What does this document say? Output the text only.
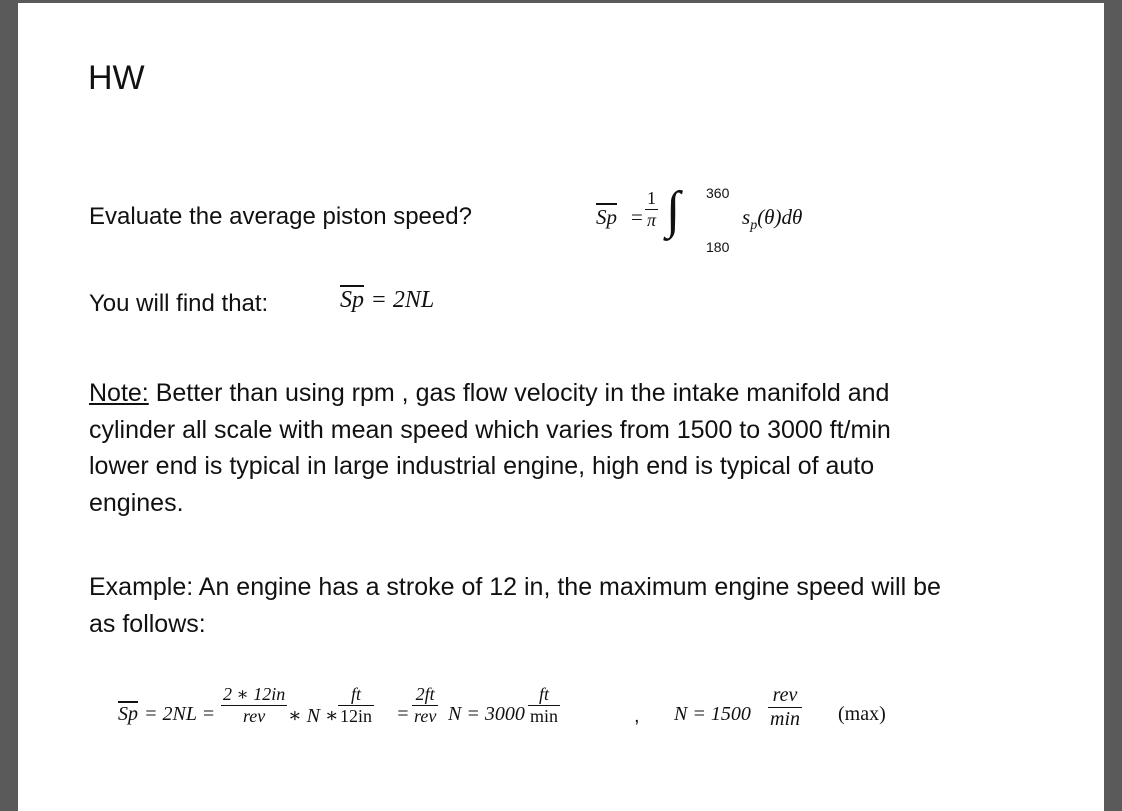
HW
Evaluate the average piston speed?	$\overline{Sp} = \frac{1}{\pi}$ ∫ 360
180
$s_p(\theta)d\theta$
You will find that:	$\overline{Sp} = 2NL$
Note: Better than using rpm , gas flow velocity in the intake manifold and
cylinder all scale with mean speed which varies from 1500 to 3000 ft/min
lower end is typical in large industrial engine, high end is typical of auto
engines.
Example: An engine has a stroke of 12 in, the maximum engine speed will be
as follows:
$\overline{Sp} = 2NL$ =
2 ∗ 12in
rev	∗ N ∗ $\frac{ft}{12in}$ =
2ft
rev N = 3000
ft
min	, N = 1500
rev
min (max)
